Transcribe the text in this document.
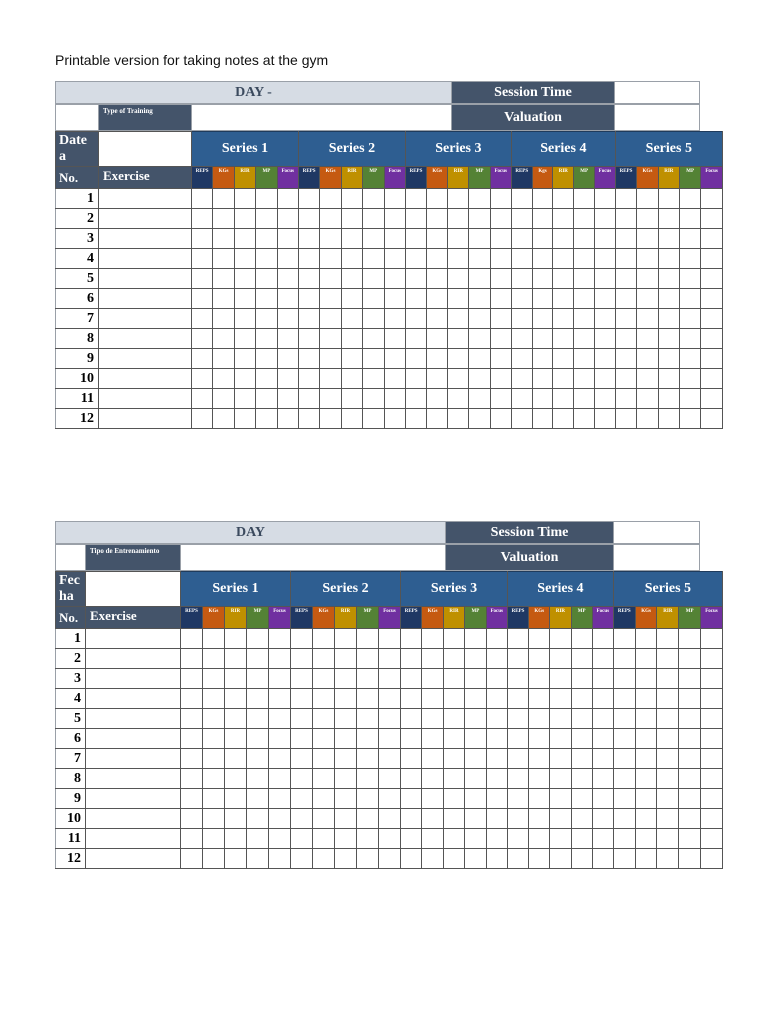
Printable version for taking notes at the gym
DAY -	Session Time	
	Type of Training		Valuation	
Date a		Series 1					Series 2					Series 3					Series 4					Series 5				
No.	Exercise	REPS	KGs	RIR	MP	Focus	REPS	KGs	RIR	MP	Focus	REPS	KGs	RIR	MP	Focus	REPS	Kgs	RIR	MP	Focus	REPS	KGs	RIR	MP	Focus
1																										
2																										
3																										
4																										
5																										
6																										
7																										
8																										
9																										
10																										
11																										
12																										
DAY	Session Time	
	Tipo de Entrenamiento		Valuation	
Fec ha		Series 1					Series 2					Series 3					Series 4					Series 5				
No.	Exercise	REPS	KGs	RIR	MP	Focus	REPS	KGs	RIR	MP	Focus	REPS	KGs	RIR	MP	Focus	REPS	KGs	RIR	MP	Focus	REPS	KGs	RIR	MP	Focus
1																										
2																										
3																										
4																										
5																										
6																										
7																										
8																										
9																										
10																										
11																										
12																										
